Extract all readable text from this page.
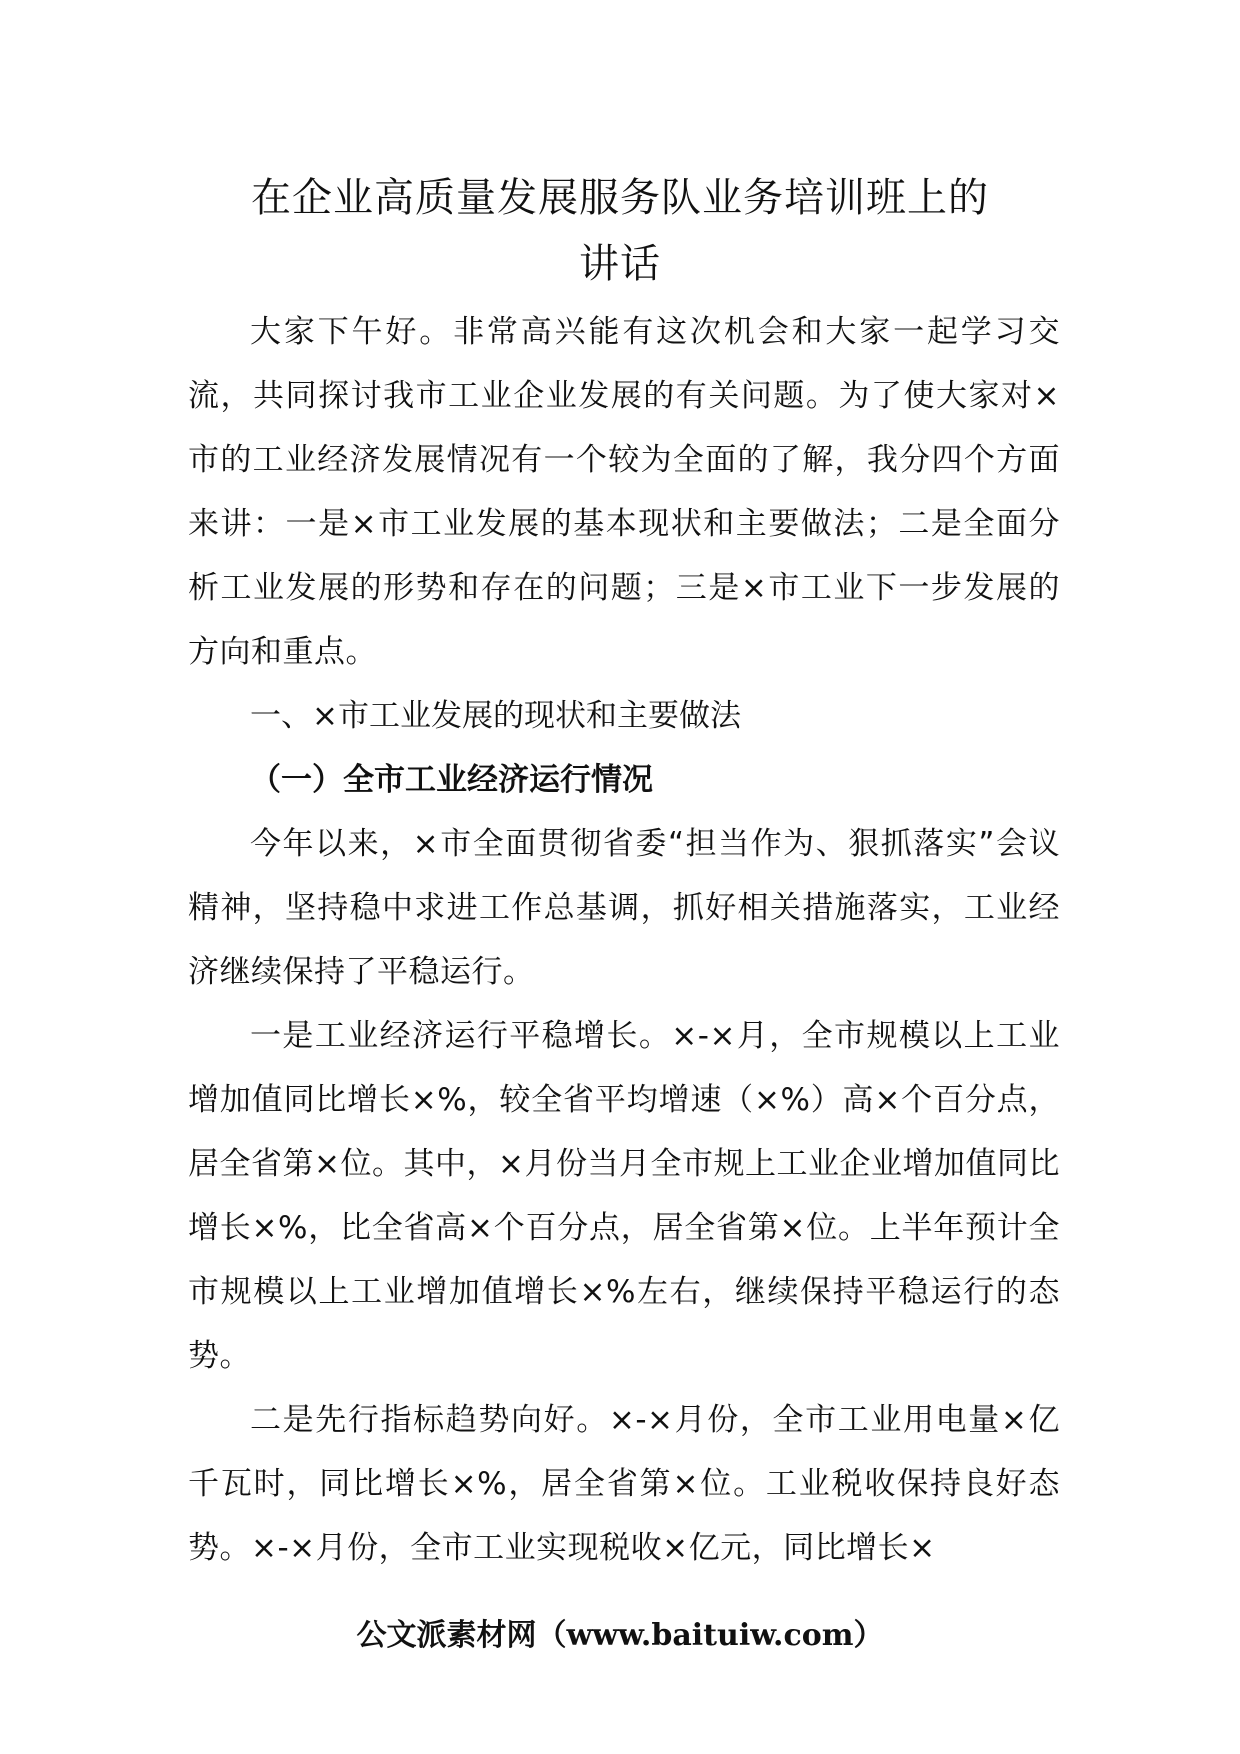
在企业高质量发展服务队业务培训班上的
讲话

大家下午好。非常高兴能有这次机会和大家一起学习交流，共同探讨我市工业企业发展的有关问题。为了使大家对×市的工业经济发展情况有一个较为全面的了解，我分四个方面来讲：一是×市工业发展的基本现状和主要做法；二是全面分析工业发展的形势和存在的问题；三是×市工业下一步发展的方向和重点。

一、×市工业发展的现状和主要做法

（一）全市工业经济运行情况

今年以来，×市全面贯彻省委“担当作为、狠抓落实”会议精神，坚持稳中求进工作总基调，抓好相关措施落实，工业经济继续保持了平稳运行。

一是工业经济运行平稳增长。×-×月，全市规模以上工业增加值同比增长×%，较全省平均增速（×%）高×个百分点，居全省第×位。其中，×月份当月全市规上工业企业增加值同比增长×%，比全省高×个百分点，居全省第×位。上半年预计全市规模以上工业增加值增长×%左右，继续保持平稳运行的态势。

二是先行指标趋势向好。×-×月份，全市工业用电量×亿千瓦时，同比增长×%，居全省第×位。工业税收保持良好态势。×-×月份，全市工业实现税收×亿元，同比增长×

公文派素材网（www.baituiw.com）
